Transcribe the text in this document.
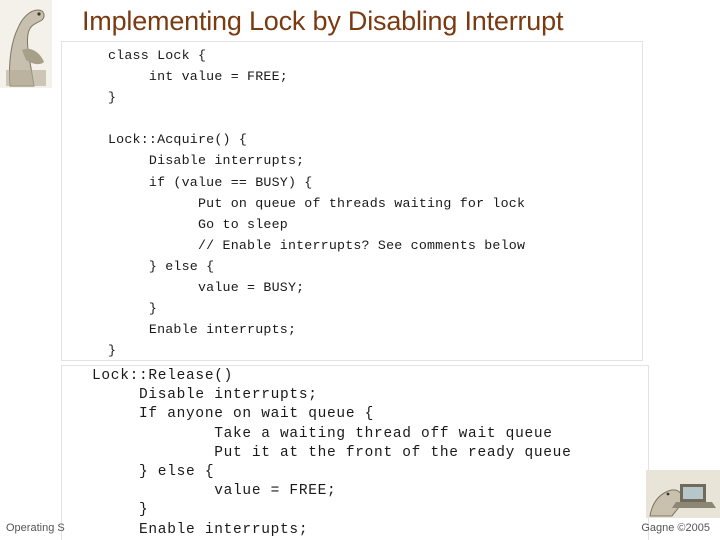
Implementing Lock by Disabling Interrupt
class Lock {
int value = FREE;
}

Lock::Acquire() {
Disable interrupts;
if (value == BUSY) {
Put on queue of threads waiting for lock
Go to sleep
// Enable interrupts? See comments below
} else {
value = BUSY;
}
Enable interrupts;
}
Lock::Release()
Disable interrupts;
If anyone on wait queue {
Take a waiting thread off wait queue
Put it at the front of the ready queue
} else {
value = FREE;
}
Enable interrupts;
Operating S	Gagne ©2005
